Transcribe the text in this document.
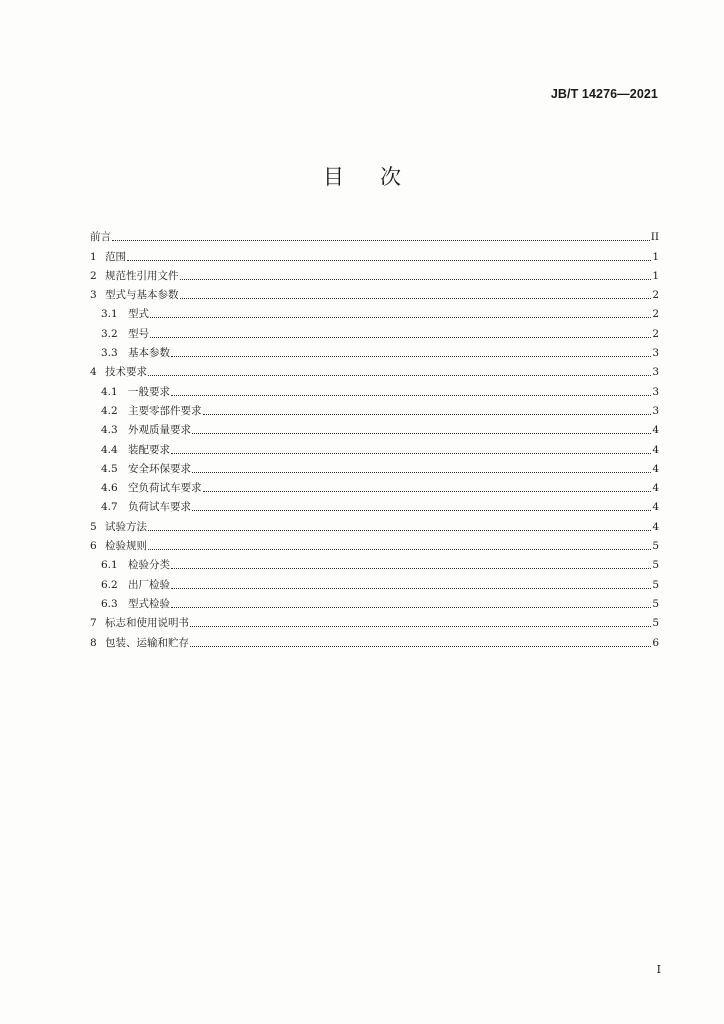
JB/T 14276—2021
目次
前言	II
1 范围	1
2 规范性引用文件	1
3 型式与基本参数	2
3.1 型式	2
3.2 型号	2
3.3 基本参数	3
4 技术要求	3
4.1 一般要求	3
4.2 主要零部件要求	3
4.3 外观质量要求	4
4.4 装配要求	4
4.5 安全环保要求	4
4.6 空负荷试车要求	4
4.7 负荷试车要求	4
5 试验方法	4
6 检验规则	5
6.1 检验分类	5
6.2 出厂检验	5
6.3 型式检验	5
7 标志和使用说明书	5
8 包装、运输和贮存	6
I
